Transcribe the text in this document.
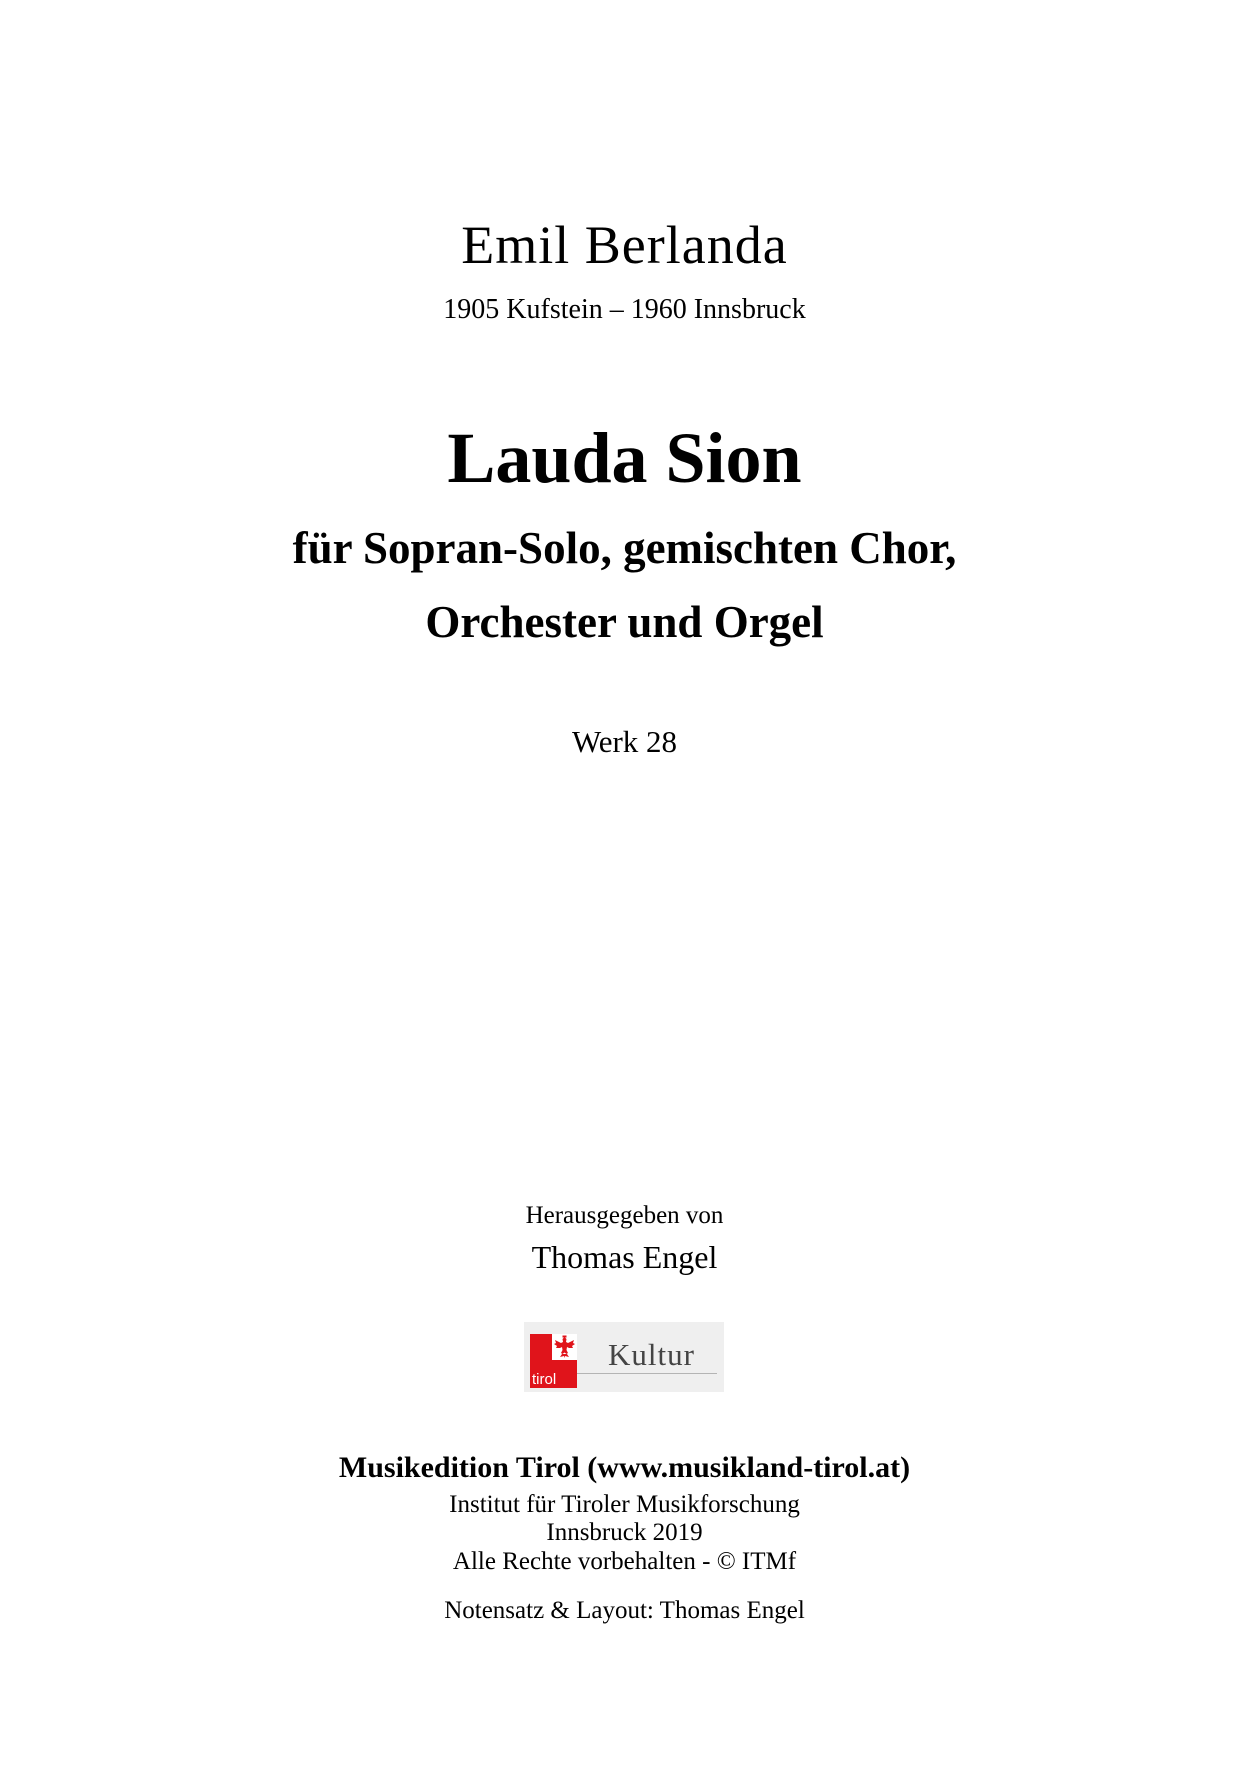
Emil Berlanda
1905 Kufstein – 1960 Innsbruck
Lauda Sion
für Sopran-Solo, gemischten Chor,
Orchester und Orgel
Werk 28
Herausgegeben von
Thomas Engel
tirol
Kultur
Musikedition Tirol (www.musikland-tirol.at)
Institut für Tiroler Musikforschung
Innsbruck 2019
Alle Rechte vorbehalten - © ITMf
Notensatz & Layout: Thomas Engel
